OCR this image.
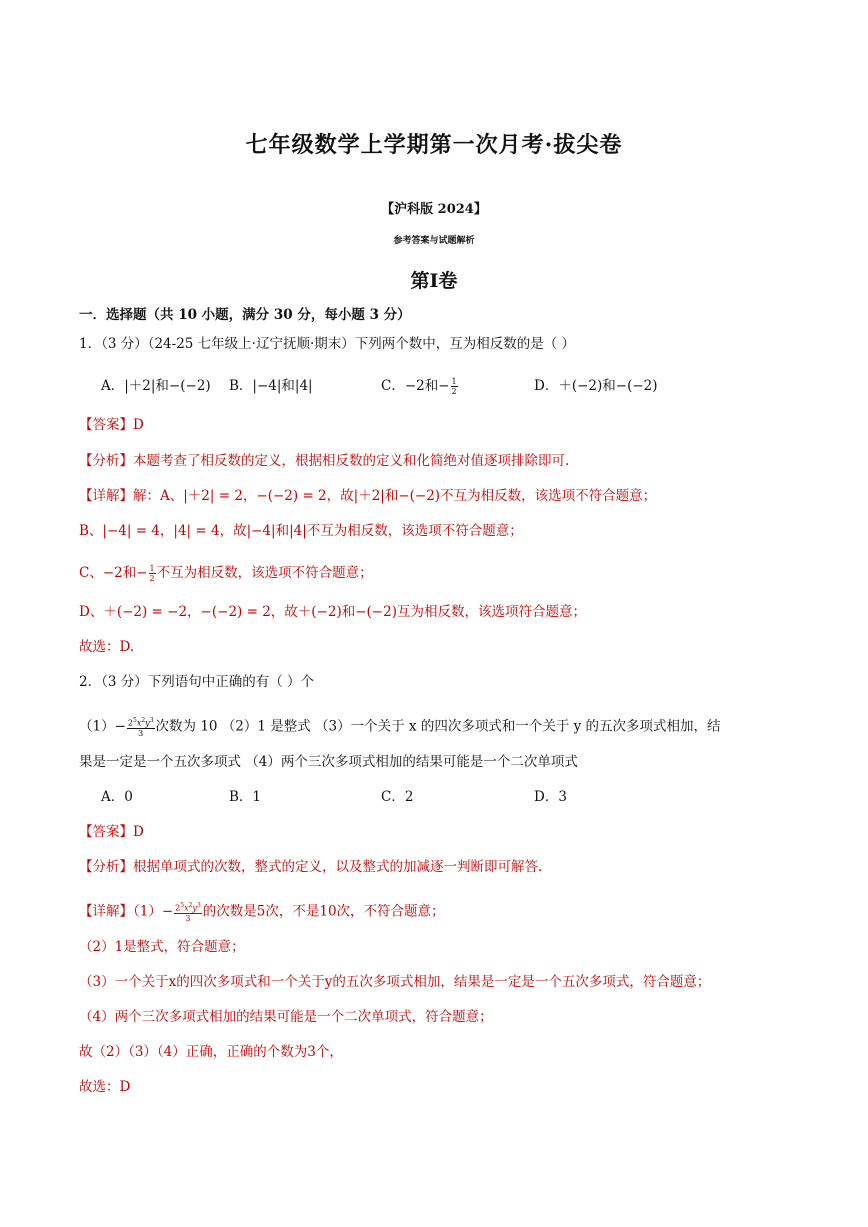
七年级数学上学期第一次月考·拔尖卷
【沪科版 2024】
参考答案与试题解析
第Ⅰ卷
一．选择题（共 10 小题，满分 30 分，每小题 3 分）
1．（3 分）（24-25 七年级上·辽宁抚顺·期末）下列两个数中，互为相反数的是（ ）
A．|＋2|和−(−2) B．|−4|和|4|	C．−2和− $\frac{1}{2}$	D．＋(−2)和−(−2)
【答案】D
【分析】本题考查了相反数的定义，根据相反数的定义和化简绝对值逐项排除即可.
【详解】解：A、|＋2| = 2，−(−2) = 2，故|＋2|和−(−2)不互为相反数，该选项不符合题意；
B、|−4| = 4，|4| = 4，故|−4|和|4|不互为相反数，该选项不符合题意；
C、−2和− $\frac{1}{2}$ 不互为相反数，该选项不符合题意；
D、＋(−2) = −2，−(−2) = 2，故＋(−2)和−(−2)互为相反数，该选项符合题意；
故选：D.
2．（3 分）下列语句中正确的有（ ）个
$(1)- \frac{2^5x^2y^3}{3}$ 次数为 10 （2）1 是整式 （3）一个关于 x 的四次多项式和一个关于 y 的五次多项式相加，结
果是一定是一个五次多项式 （4）两个三次多项式相加的结果可能是一个二次单项式
A．0	B．1	C．2	D．3
【答案】D
【分析】根据单项式的次数，整式的定义，以及整式的加减逐一判断即可解答.
【详解】$(1)- \frac{2^5x^2y^3}{3}$ 的次数是5次，不是10次，不符合题意；
（2）1是整式，符合题意；
（3）一个关于x的四次多项式和一个关于y的五次多项式相加，结果是一定是一个五次多项式，符合题意；
（4）两个三次多项式相加的结果可能是一个二次单项式，符合题意；
故（2）（3）（4）正确，正确的个数为3个，
故选：D
